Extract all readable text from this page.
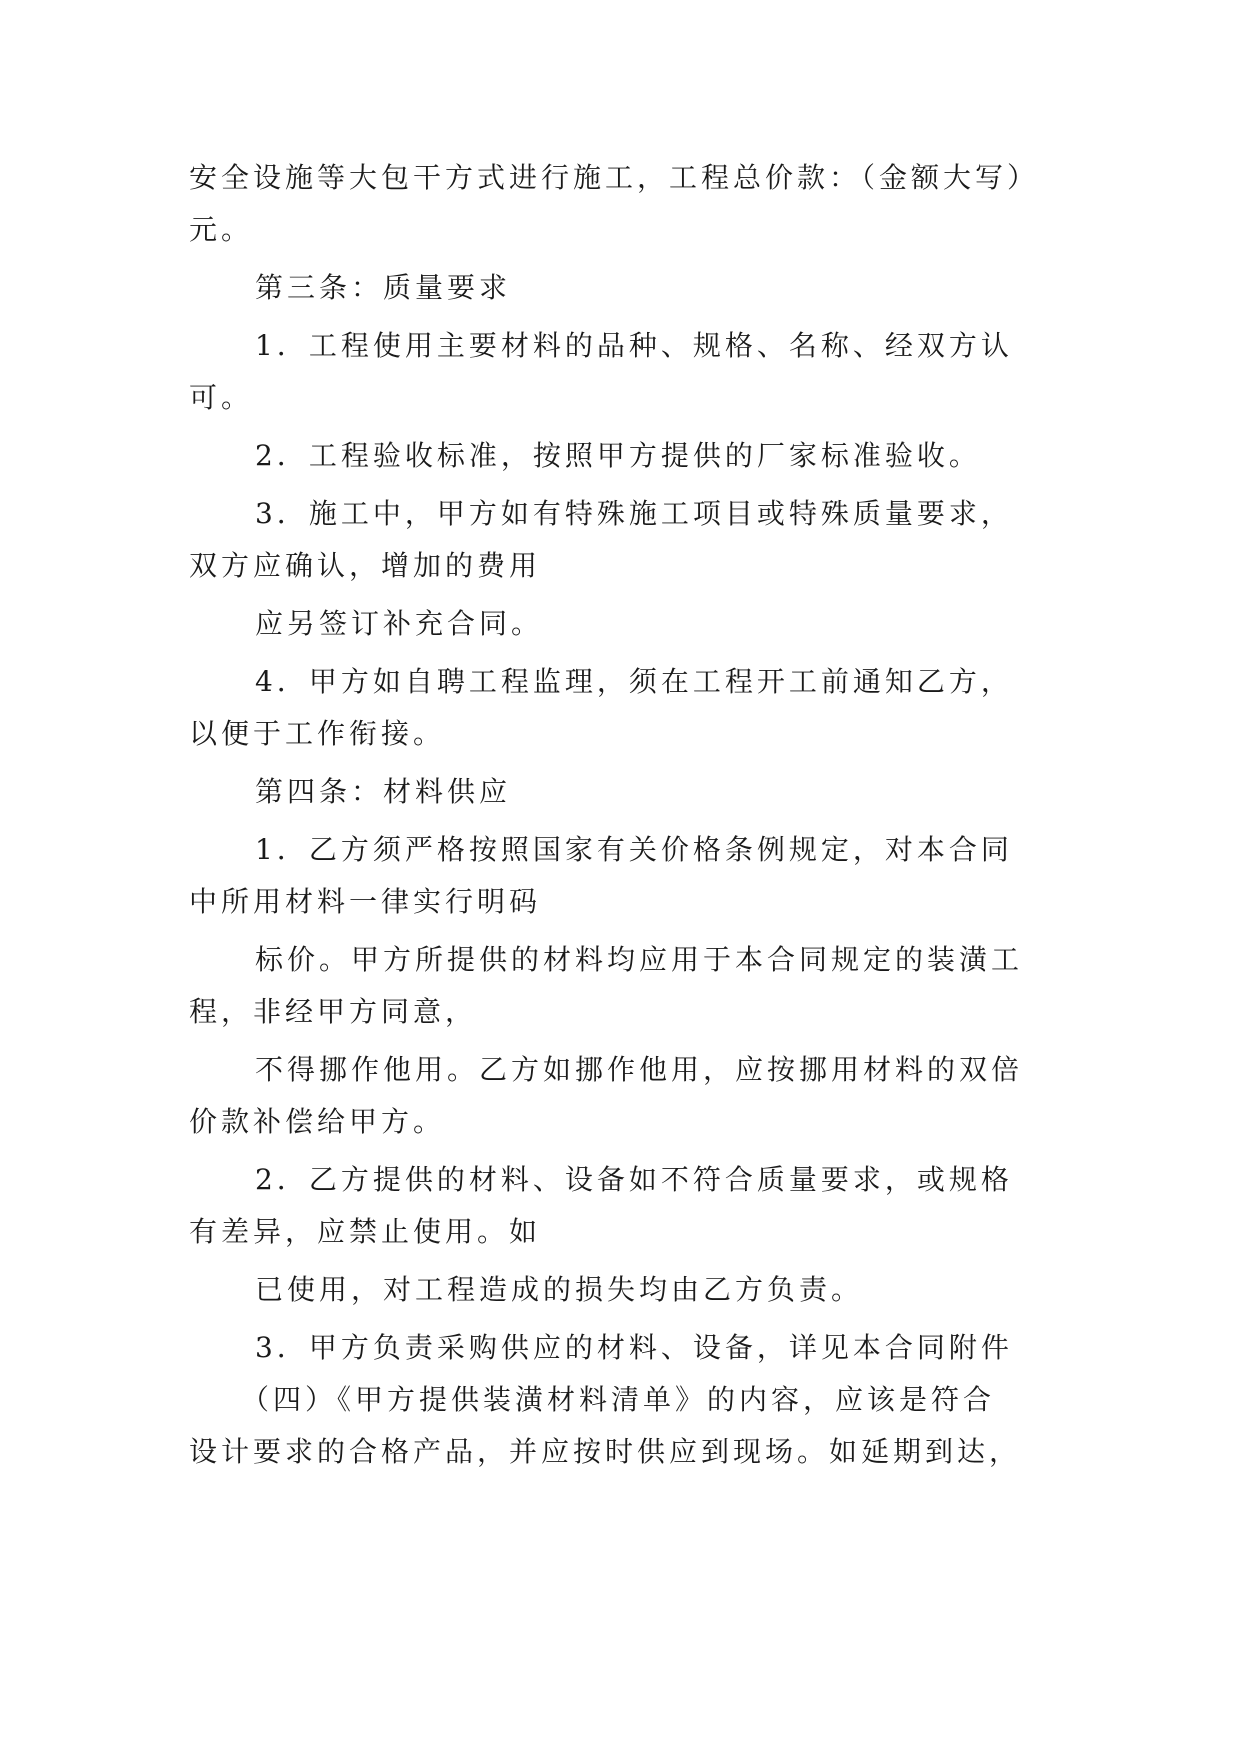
安全设施等大包干方式进行施工，工程总价款：（金额大写）
元。
第三条：质量要求
1．工程使用主要材料的品种、规格、名称、经双方认
可。
2．工程验收标准，按照甲方提供的厂家标准验收。
3．施工中，甲方如有特殊施工项目或特殊质量要求，
双方应确认，增加的费用
应另签订补充合同。
4．甲方如自聘工程监理，须在工程开工前通知乙方，
以便于工作衔接。
第四条：材料供应
1．乙方须严格按照国家有关价格条例规定，对本合同
中所用材料一律实行明码
标价。甲方所提供的材料均应用于本合同规定的装潢工
程，非经甲方同意，
不得挪作他用。乙方如挪作他用，应按挪用材料的双倍
价款补偿给甲方。
2．乙方提供的材料、设备如不符合质量要求，或规格
有差异，应禁止使用。如
已使用，对工程造成的损失均由乙方负责。
3．甲方负责采购供应的材料、设备，详见本合同附件
（四）《甲方提供装潢材料清单》的内容，应该是符合
设计要求的合格产品，并应按时供应到现场。如延期到达，
